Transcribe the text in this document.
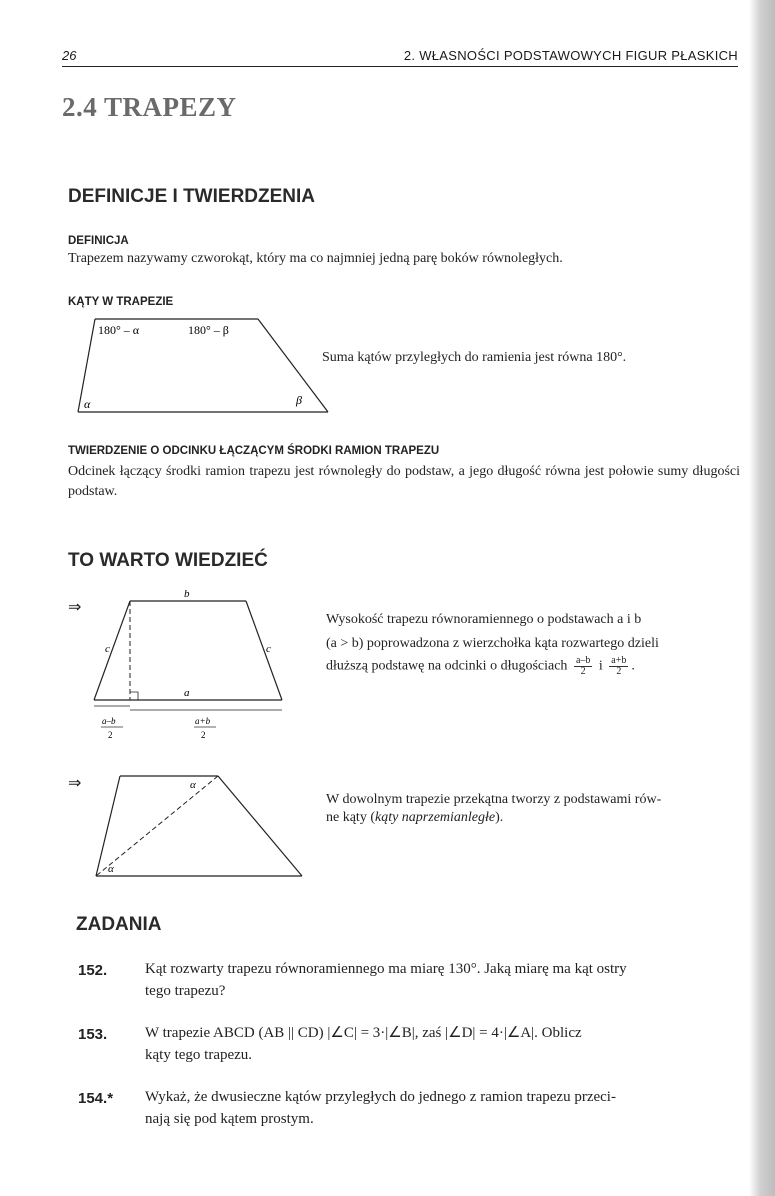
26	2. WŁASNOŚCI PODSTAWOWYCH FIGUR PŁASKICH
2.4 TRAPEZY
DEFINICJE I TWIERDZENIA
DEFINICJA
Trapezem nazywamy czworokąt, który ma co najmniej jedną parę boków równoległych.
KĄTY W TRAPEZIE
180° – α	180° – β
α	β
Suma kątów przyległych do ramienia jest równa 180°.
TWIERDZENIE O ODCINKU ŁĄCZĄCYM ŚRODKI RAMION TRAPEZU
Odcinek łączący środki ramion trapezu jest równoległy do podstaw, a jego długość równa jest połowie sumy długości podstaw.
TO WARTO WIEDZIEĆ
⇒
b
c	c
a
a–b
2
a+b
2
Wysokość trapezu równoramiennego o podstawach a i b
(a > b) poprowadzona z wierzchołka kąta rozwartego dzieli
dłuższą podstawę na odcinki o długościach $\frac{a-b}{2}$ i $\frac{a+b}{2}$ .
⇒	α
α
W dowolnym trapezie przekątna tworzy z podstawami rów-
ne kąty (kąty naprzemianległe).
ZADANIA
152.	Kąt rozwarty trapezu równoramiennego ma miarę 130°. Jaką miarę ma kąt ostry
tego trapezu?
153.	W trapezie ABCD (AB || CD) |∠C| = 3·|∠B|, zaś |∠D| = 4·|∠A|. Oblicz
kąty tego trapezu.
154.* Wykaż, że dwusieczne kątów przyległych do jednego z ramion trapezu przeci-
nają się pod kątem prostym.
